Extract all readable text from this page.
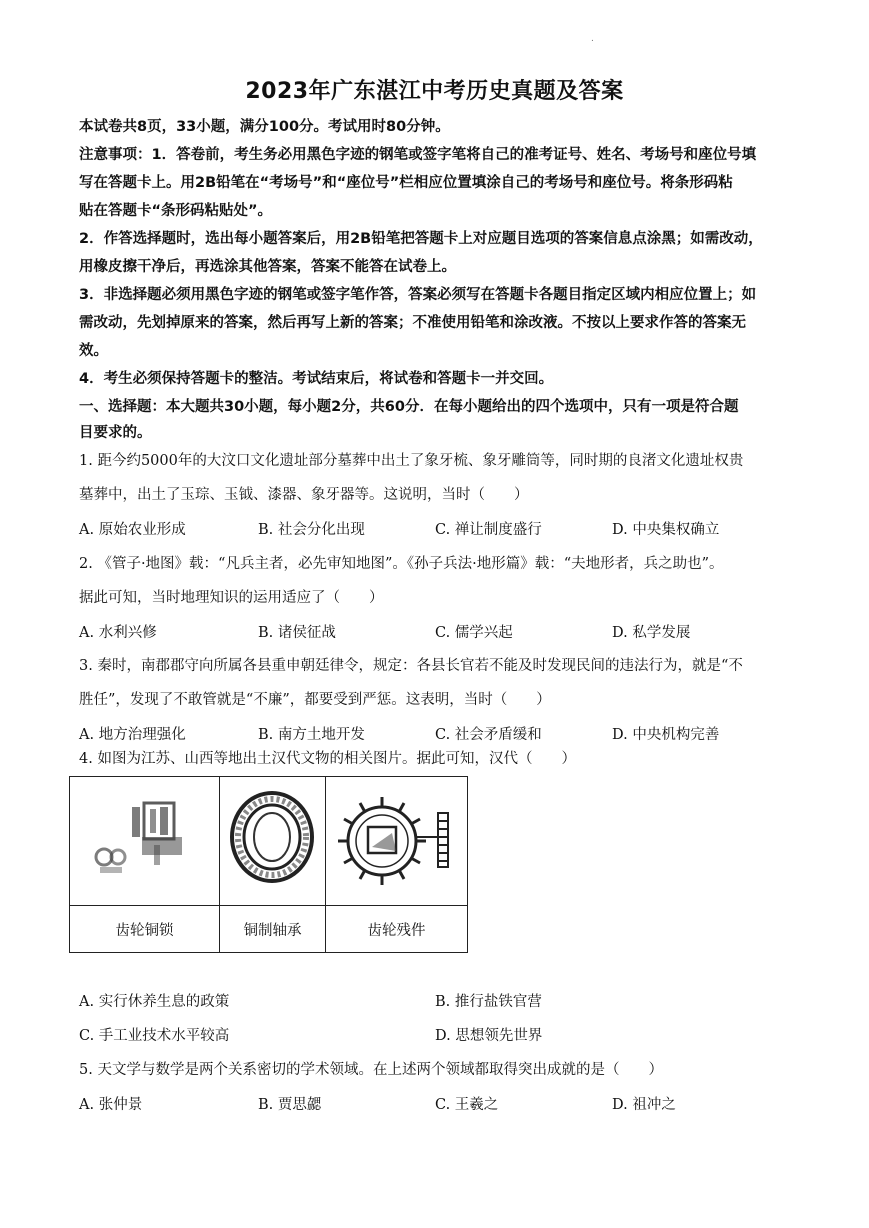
.
2023年广东湛江中考历史真题及答案
本试卷共8页，33小题，满分100分。考试用时80分钟。
注意事项：1．答卷前，考生务必用黑色字迹的钢笔或签字笔将自己的准考证号、姓名、考场号和座位号填
写在答题卡上。用2B铅笔在“考场号”和“座位号”栏相应位置填涂自己的考场号和座位号。将条形码粘
贴在答题卡“条形码粘贴处”。
2．作答选择题时，选出每小题答案后，用2B铅笔把答题卡上对应题目选项的答案信息点涂黑；如需改动，
用橡皮擦干净后，再选涂其他答案，答案不能答在试卷上。
3．非选择题必须用黑色字迹的钢笔或签字笔作答，答案必须写在答题卡各题目指定区域内相应位置上；如
需改动，先划掉原来的答案，然后再写上新的答案；不准使用铅笔和涂改液。不按以上要求作答的答案无
效。
4．考生必须保持答题卡的整洁。考试结束后，将试卷和答题卡一并交回。
一、选择题：本大题共30小题，每小题2分，共60分．在每小题给出的四个选项中，只有一项是符合题
目要求的。
1. 距今约5000年的大汶口文化遗址部分墓葬中出土了象牙梳、象牙雕筒等，同时期的良渚文化遗址权贵
墓葬中，出土了玉琮、玉钺、漆器、象牙器等。这说明，当时（　　）
A. 原始农业形成	B. 社会分化出现	C. 禅让制度盛行	D. 中央集权确立
2. 《管子·地图》载：“凡兵主者，必先审知地图”。《孙子兵法·地形篇》载：“夫地形者，兵之助也”。
据此可知，当时地理知识的运用适应了（　　）
A. 水利兴修	B. 诸侯征战	C. 儒学兴起	D. 私学发展
3. 秦时，南郡郡守向所属各县重申朝廷律令，规定：各县长官若不能及时发现民间的违法行为，就是“不
胜任”，发现了不敢管就是“不廉”，都要受到严惩。这表明，当时（　　）
A. 地方治理强化	B. 南方土地开发	C. 社会矛盾缓和	D. 中央机构完善
4. 如图为江苏、山西等地出土汉代文物的相关图片。据此可知，汉代（　　）

齿轮铜锁	铜制轴承	齿轮残件
A. 实行休养生息的政策	B. 推行盐铁官营
C. 手工业技术水平较高	D. 思想领先世界
5. 天文学与数学是两个关系密切的学术领域。在上述两个领域都取得突出成就的是（　　）
A. 张仲景	B. 贾思勰	C. 王羲之	D. 祖冲之
